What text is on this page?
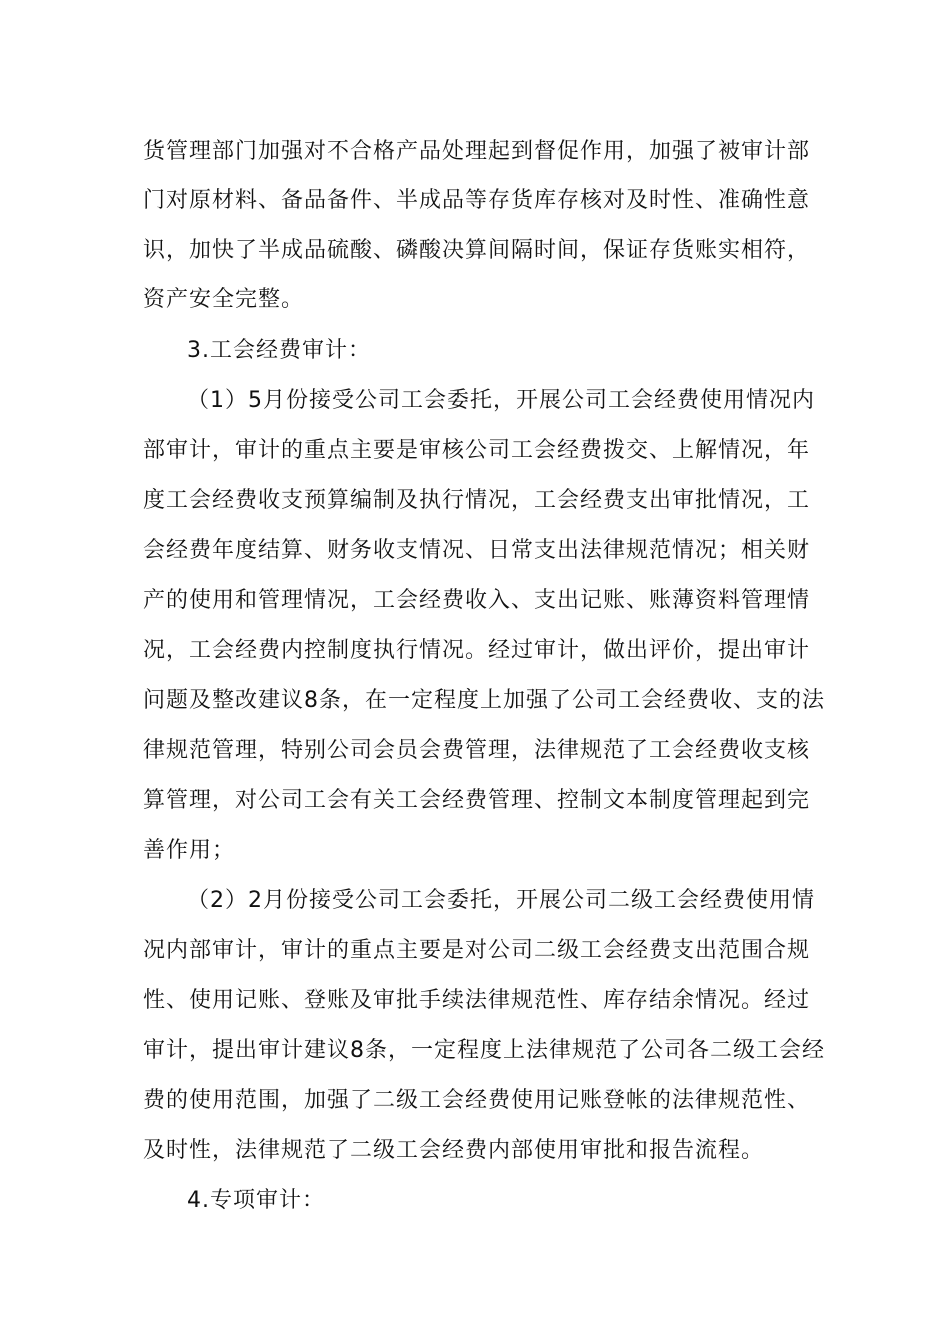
货管理部门加强对不合格产品处理起到督促作用，加强了被审计部
门对原材料、备品备件、半成品等存货库存核对及时性、准确性意
识，加快了半成品硫酸、磷酸决算间隔时间，保证存货账实相符，
资产安全完整。
3.工会经费审计：
（1）5月份接受公司工会委托，开展公司工会经费使用情况内
部审计，审计的重点主要是审核公司工会经费拨交、上解情况，年
度工会经费收支预算编制及执行情况，工会经费支出审批情况，工
会经费年度结算、财务收支情况、日常支出法律规范情况；相关财
产的使用和管理情况，工会经费收入、支出记账、账薄资料管理情
况，工会经费内控制度执行情况。经过审计，做出评价，提出审计
问题及整改建议8条，在一定程度上加强了公司工会经费收、支的法
律规范管理，特别公司会员会费管理，法律规范了工会经费收支核
算管理，对公司工会有关工会经费管理、控制文本制度管理起到完
善作用；
（2）2月份接受公司工会委托，开展公司二级工会经费使用情
况内部审计，审计的重点主要是对公司二级工会经费支出范围合规
性、使用记账、登账及审批手续法律规范性、库存结余情况。经过
审计，提出审计建议8条，一定程度上法律规范了公司各二级工会经
费的使用范围，加强了二级工会经费使用记账登帐的法律规范性、
及时性，法律规范了二级工会经费内部使用审批和报告流程。
4.专项审计：
